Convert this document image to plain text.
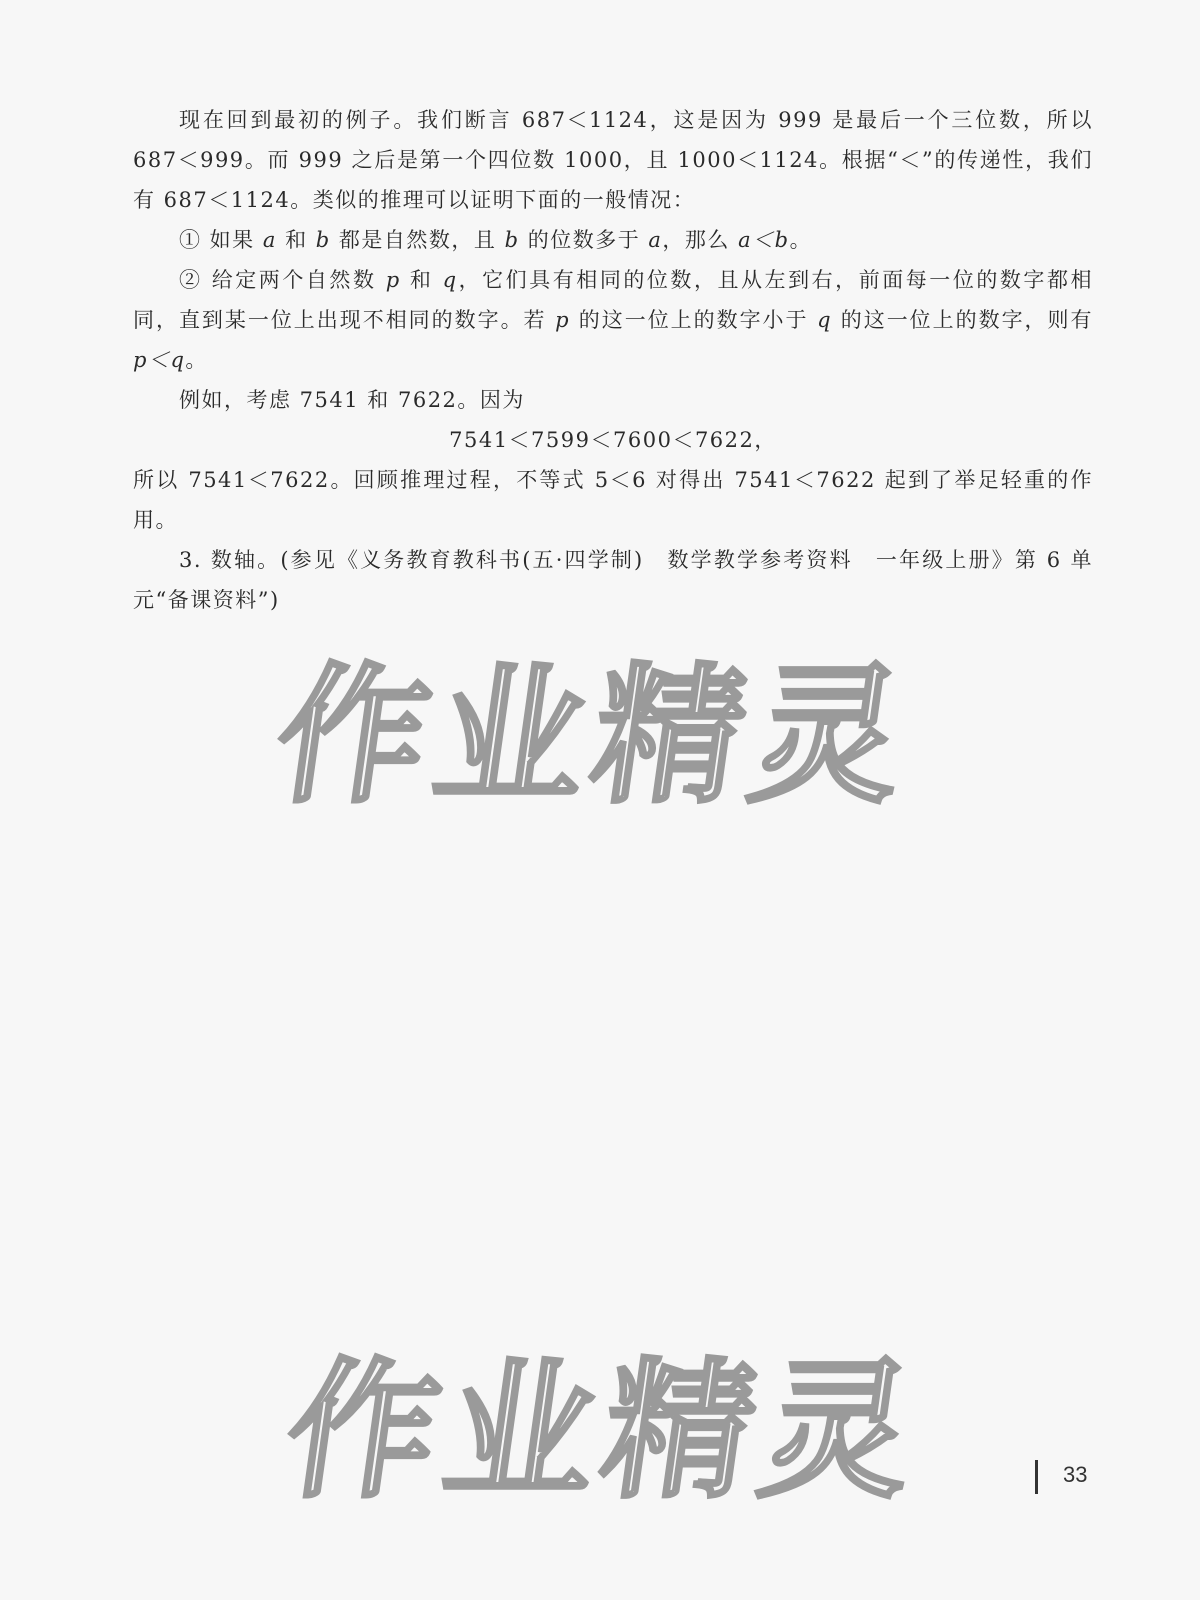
现在回到最初的例子。我们断言 687＜1124，这是因为 999 是最后一个三位数，所以 687＜999。而 999 之后是第一个四位数 1000，且 1000＜1124。根据“＜”的传递性，我们有 687＜1124。类似的推理可以证明下面的一般情况：

① 如果 a 和 b 都是自然数，且 b 的位数多于 a，那么 a＜b。

② 给定两个自然数 p 和 q，它们具有相同的位数，且从左到右，前面每一位的数字都相同，直到某一位上出现不相同的数字。若 p 的这一位上的数字小于 q 的这一位上的数字，则有 p＜q。

例如，考虑 7541 和 7622。因为

7541＜7599＜7600＜7622，

所以 7541＜7622。回顾推理过程，不等式 5＜6 对得出 7541＜7622 起到了举足轻重的作用。

3. 数轴。(参见《义务教育教科书(五·四学制)　数学教学参考资料　一年级上册》第 6 单元“备课资料”)

作业精灵
作业精灵	33
